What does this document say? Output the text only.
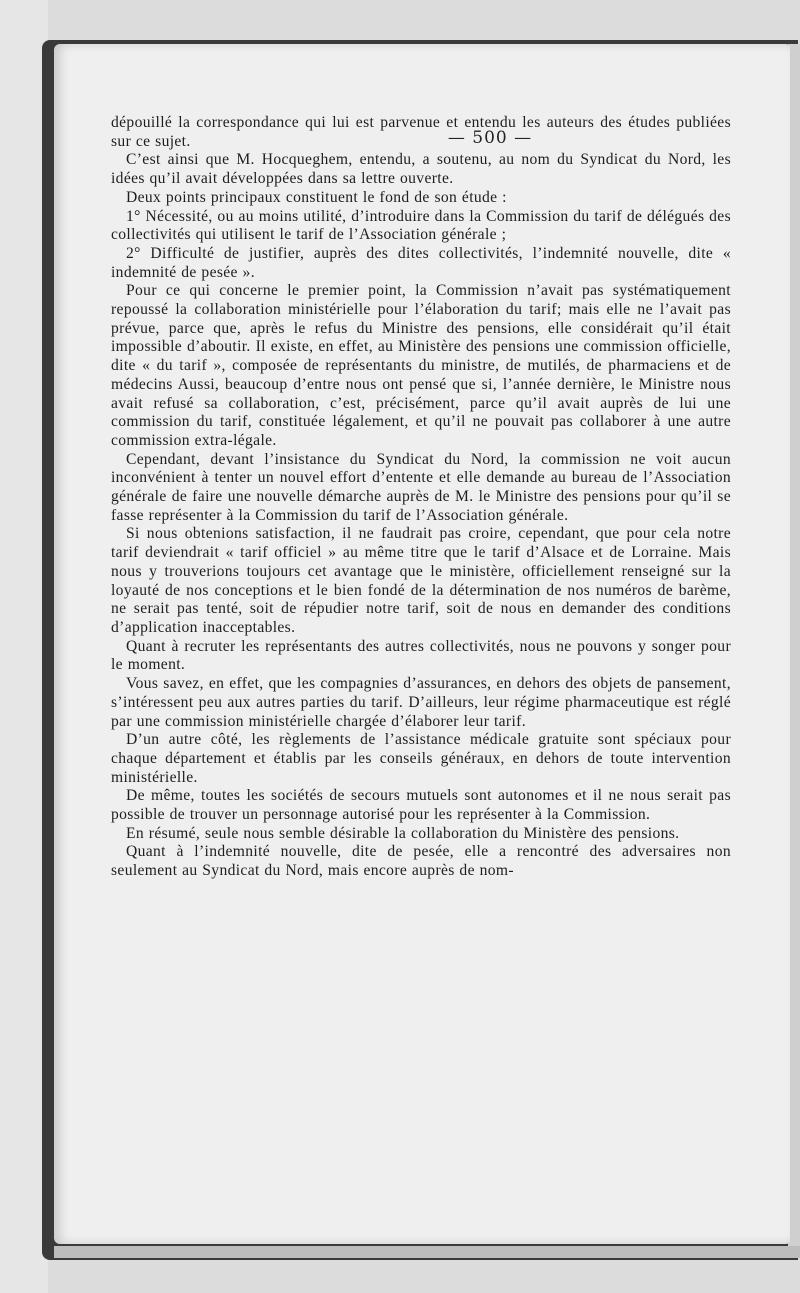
— 500 —

dépouillé la correspondance qui lui est parvenue et entendu les auteurs des études publiées sur ce sujet.

C’est ainsi que M. Hocqueghem, entendu, a soutenu, au nom du Syndicat du Nord, les idées qu’il avait développées dans sa lettre ouverte.

Deux points principaux constituent le fond de son étude :

1° Nécessité, ou au moins utilité, d’introduire dans la Commission du tarif de délégués des collectivités qui utilisent le tarif de l’Association générale ;

2° Difficulté de justifier, auprès des dites collectivités, l’indemnité nouvelle, dite « indemnité de pesée ».

Pour ce qui concerne le premier point, la Commission n’avait pas systématiquement repoussé la collaboration ministérielle pour l’élaboration du tarif; mais elle ne l’avait pas prévue, parce que, après le refus du Ministre des pensions, elle considérait qu’il était impossible d’aboutir. Il existe, en effet, au Ministère des pensions une commission officielle, dite « du tarif », composée de représentants du ministre, de mutilés, de pharmaciens et de médecins Aussi, beaucoup d’entre nous ont pensé que si, l’année dernière, le Ministre nous avait refusé sa collaboration, c’est, précisément, parce qu’il avait auprès de lui une commission du tarif, constituée légalement, et qu’il ne pouvait pas collaborer à une autre commission extra-légale.

Cependant, devant l’insistance du Syndicat du Nord, la commission ne voit aucun inconvénient à tenter un nouvel effort d’entente et elle demande au bureau de l’Association générale de faire une nouvelle démarche auprès de M. le Ministre des pensions pour qu’il se fasse représenter à la Commission du tarif de l’Association générale.

Si nous obtenions satisfaction, il ne faudrait pas croire, cependant, que pour cela notre tarif deviendrait « tarif officiel » au même titre que le tarif d’Alsace et de Lorraine. Mais nous y trouverions toujours cet avantage que le ministère, officiellement renseigné sur la loyauté de nos conceptions et le bien fondé de la détermination de nos numéros de barème, ne serait pas tenté, soit de répudier notre tarif, soit de nous en demander des conditions d’application inacceptables.

Quant à recruter les représentants des autres collectivités, nous ne pouvons y songer pour le moment.

Vous savez, en effet, que les compagnies d’assurances, en dehors des objets de pansement, s’intéressent peu aux autres parties du tarif. D’ailleurs, leur régime pharmaceutique est réglé par une commission ministérielle chargée d’élaborer leur tarif.

D’un autre côté, les règlements de l’assistance médicale gratuite sont spéciaux pour chaque département et établis par les conseils généraux, en dehors de toute intervention ministérielle.

De même, toutes les sociétés de secours mutuels sont autonomes et il ne nous serait pas possible de trouver un personnage autorisé pour les représenter à la Commission.

En résumé, seule nous semble désirable la collaboration du Ministère des pensions.

Quant à l’indemnité nouvelle, dite de pesée, elle a rencontré des adversaires non seulement au Syndicat du Nord, mais encore auprès de nom-
